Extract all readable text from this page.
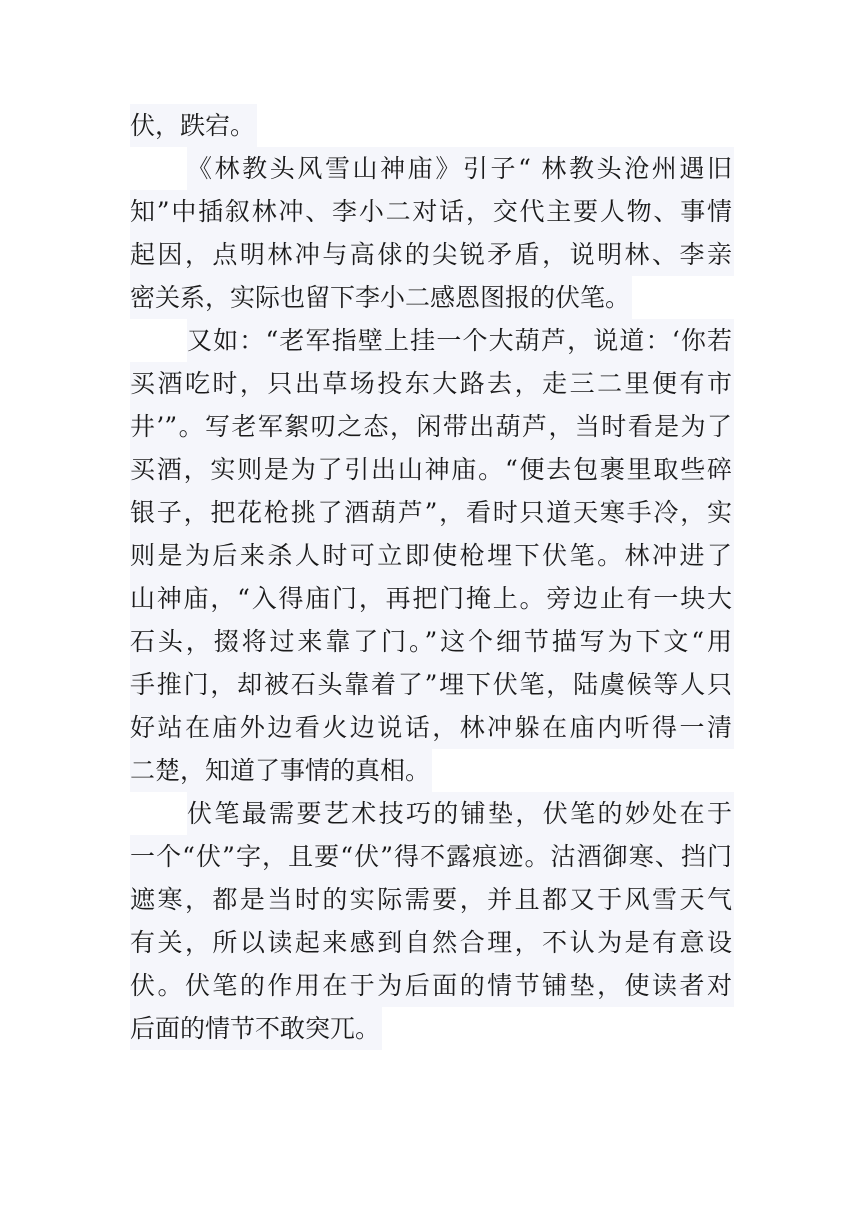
伏，跌宕。
《林教头风雪山神庙》引子“ 林教头沧州遇旧
知”中插叙林冲、李小二对话，交代主要人物、事情
起因，点明林冲与高俅的尖锐矛盾，说明林、李亲
密关系，实际也留下李小二感恩图报的伏笔。
又如：“老军指壁上挂一个大葫芦，说道：‘你若
买酒吃时，只出草场投东大路去，走三二里便有市
井’”。写老军絮叨之态，闲带出葫芦，当时看是为了
买酒，实则是为了引出山神庙。“便去包裹里取些碎
银子，把花枪挑了酒葫芦”，看时只道天寒手冷，实
则是为后来杀人时可立即使枪埋下伏笔。林冲进了
山神庙，“入得庙门，再把门掩上。旁边止有一块大
石头，掇将过来靠了门。”这个细节描写为下文“用
手推门，却被石头靠着了”埋下伏笔，陆虞候等人只
好站在庙外边看火边说话，林冲躲在庙内听得一清
二楚，知道了事情的真相。
伏笔最需要艺术技巧的铺垫，伏笔的妙处在于
一个“伏”字，且要“伏”得不露痕迹。沽酒御寒、挡门
遮寒，都是当时的实际需要，并且都又于风雪天气
有关，所以读起来感到自然合理，不认为是有意设
伏。伏笔的作用在于为后面的情节铺垫，使读者对
后面的情节不敢突兀。
